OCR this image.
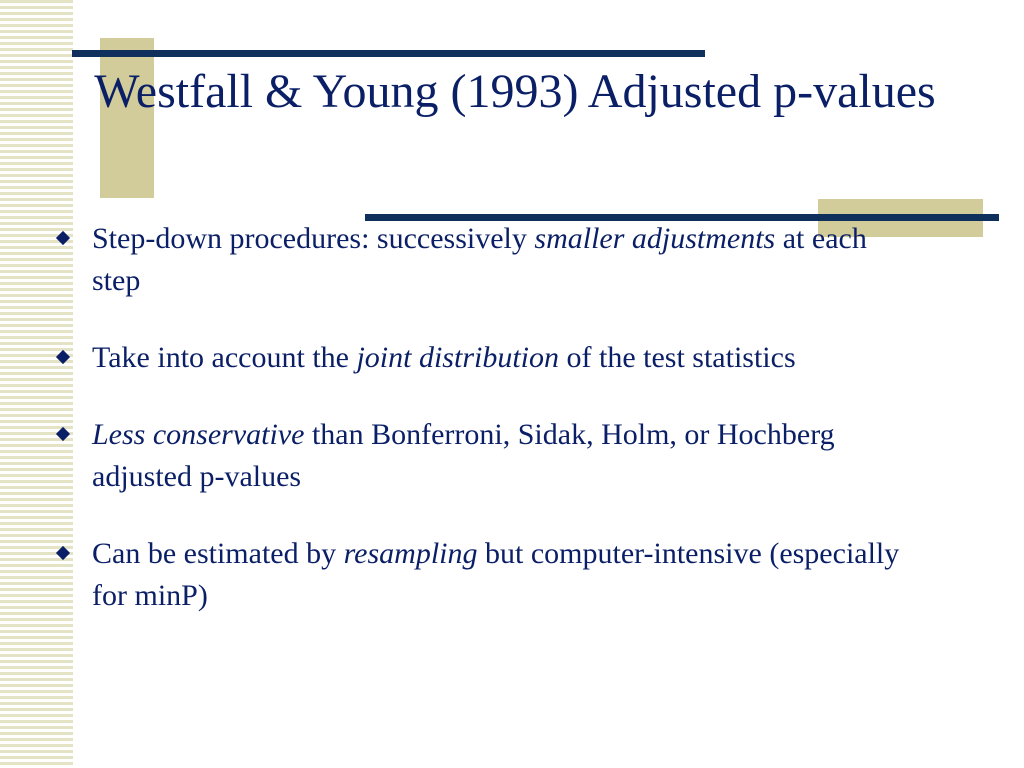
Westfall & Young (1993) Adjusted p-values
Step-down procedures: successively smaller adjustments at each step
Take into account the joint distribution of the test statistics
Less conservative than Bonferroni, Sidak, Holm, or Hochberg adjusted p-values
Can be estimated by resampling but computer-intensive (especially for minP)
